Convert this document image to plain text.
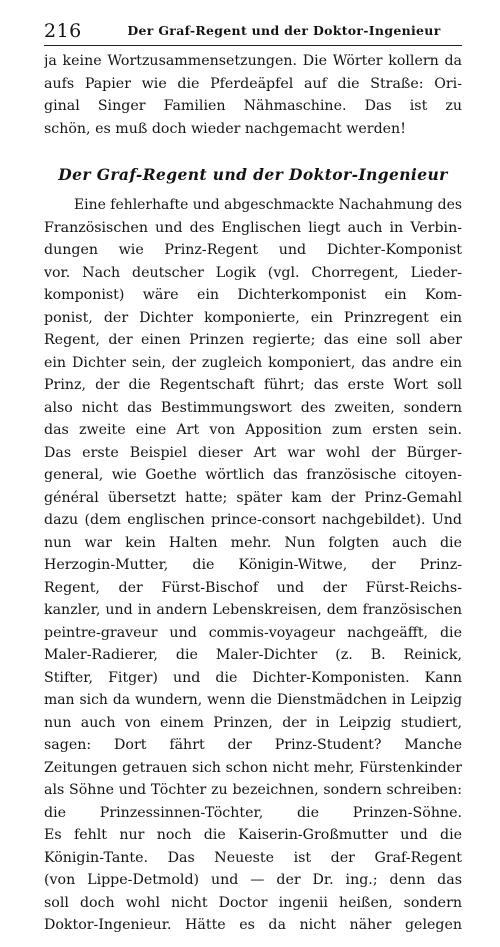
216	Der Graf-Regent und der Doktor-Ingenieur
ja keine Wortzusammensetzungen. Die Wörter kollern da
aufs Papier wie die Pferdeäpfel auf die Straße: Ori-
ginal Singer Familien Nähmaschine. Das ist zu
schön, es muß doch wieder nachgemacht werden!
Der Graf-Regent und der Doktor-Ingenieur
Eine fehlerhafte und abgeschmackte Nachahmung des
Französischen und des Englischen liegt auch in Verbin-
dungen wie Prinz-Regent und Dichter-Komponist
vor. Nach deutscher Logik (vgl. Chorregent, Lieder-
komponist) wäre ein Dichterkomponist ein Kom-
ponist, der Dichter komponierte, ein Prinzregent ein
Regent, der einen Prinzen regierte; das eine soll aber
ein Dichter sein, der zugleich komponiert, das andre ein
Prinz, der die Regentschaft führt; das erste Wort soll
also nicht das Bestimmungswort des zweiten, sondern
das zweite eine Art von Apposition zum ersten sein.
Das erste Beispiel dieser Art war wohl der Bürger-
general, wie Goethe wörtlich das französische citoyen-
général übersetzt hatte; später kam der Prinz-Gemahl
dazu (dem englischen prince-consort nachgebildet). Und
nun war kein Halten mehr. Nun folgten auch die
Herzogin-Mutter, die Königin-Witwe, der Prinz-
Regent, der Fürst-Bischof und der Fürst-Reichs-
kanzler, und in andern Lebenskreisen, dem französischen
peintre-graveur und commis-voyageur nachgeäfft, die
Maler-Radierer, die Maler-Dichter (z. B. Reinick,
Stifter, Fitger) und die Dichter-Komponisten. Kann
man sich da wundern, wenn die Dienstmädchen in Leipzig
nun auch von einem Prinzen, der in Leipzig studiert,
sagen: Dort fährt der Prinz-Student? Manche
Zeitungen getrauen sich schon nicht mehr, Fürstenkinder
als Söhne und Töchter zu bezeichnen, sondern schreiben:
die Prinzessinnen-Töchter, die Prinzen-Söhne.
Es fehlt nur noch die Kaiserin-Großmutter und die
Königin-Tante. Das Neueste ist der Graf-Regent
(von Lippe-Detmold) und — der Dr. ing.; denn das
soll doch wohl nicht Doctor ingenii heißen, sondern
Doktor-Ingenieur. Hätte es da nicht näher gelegen
